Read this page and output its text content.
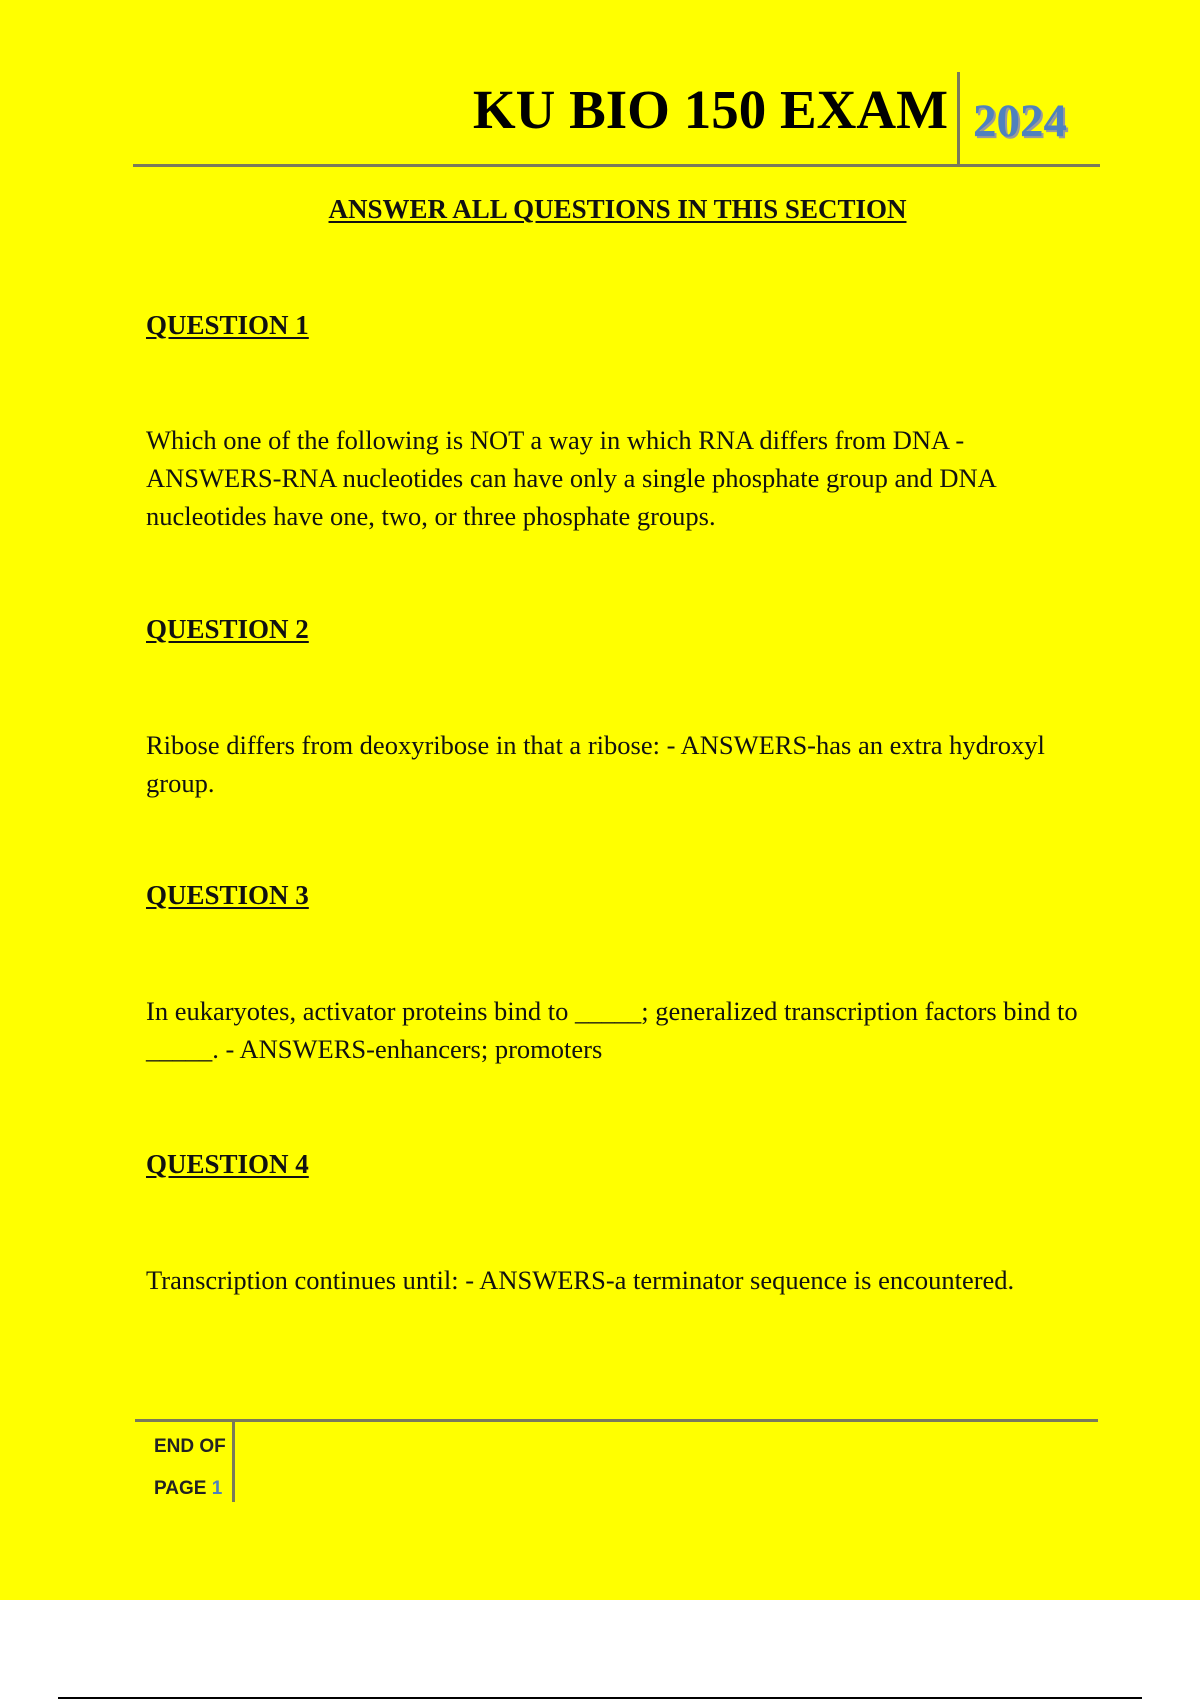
KU BIO 150 EXAM 2024
ANSWER ALL QUESTIONS IN THIS SECTION
QUESTION 1
Which one of the following is NOT a way in which RNA differs from DNA - ANSWERS-RNA nucleotides can have only a single phosphate group and DNA nucleotides have one, two, or three phosphate groups.
QUESTION 2
Ribose differs from deoxyribose in that a ribose: - ANSWERS-has an extra hydroxyl group.
QUESTION 3
In eukaryotes, activator proteins bind to _____; generalized transcription factors bind to _____. - ANSWERS-enhancers; promoters
QUESTION 4
Transcription continues until: - ANSWERS-a terminator sequence is encountered.
END OF
PAGE 1
